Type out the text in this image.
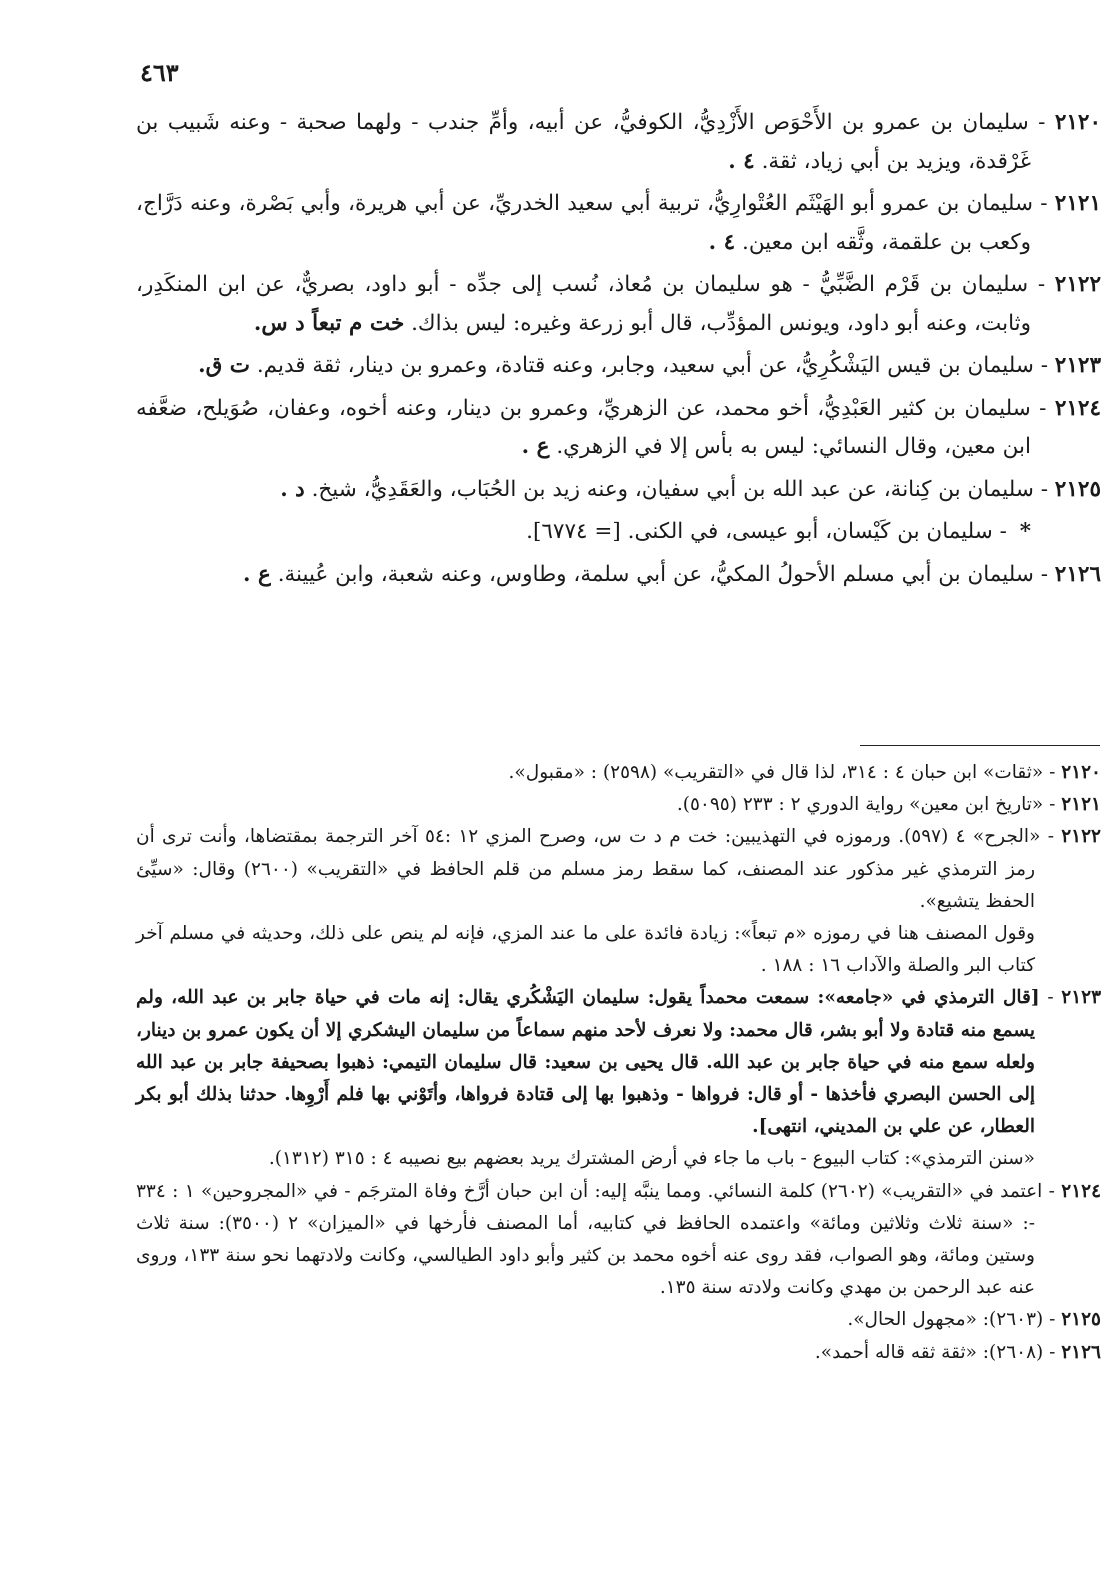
٤٦٣

٢١٢٠ - سليمان بن عمرو بن الأَحْوَص الأَزْدِيُّ، الكوفيُّ، عن أبيه، وأمِّ جندب - ولهما صحبة - وعنه شَبيب بن غَرْقدة، ويزيد بن أبي زياد، ثقة. ٤ .

٢١٢١ - سليمان بن عمرو أبو الهَيْثَم العُتْوارِيُّ، تربية أبي سعيد الخدريِّ، عن أبي هريرة، وأبي بَصْرة، وعنه دَرَّاج، وكعب بن علقمة، وثَّقه ابن معين. ٤ .

٢١٢٢ - سليمان بن قَرْم الضَّبِّيُّ - هو سليمان بن مُعاذ، نُسب إلى جدِّه - أبو داود، بصريٌّ، عن ابن المنكَدِر، وثابت، وعنه أبو داود، ويونس المؤدِّب، قال أبو زرعة وغيره: ليس بذاك. خت م تبعاً د س.

٢١٢٣ - سليمان بن قيس اليَشْكُرِيُّ، عن أبي سعيد، وجابر، وعنه قتادة، وعمرو بن دينار، ثقة قديم. ت ق.

٢١٢٤ - سليمان بن كثير العَبْدِيُّ، أخو محمد، عن الزهريِّ، وعمرو بن دينار، وعنه أخوه، وعفان، صُوَيلح، ضعَّفه ابن معين، وقال النسائي: ليس به بأس إلا في الزهري. ع .

٢١٢٥ - سليمان بن كِنانة، عن عبد الله بن أبي سفيان، وعنه زيد بن الحُبَاب، والعَقَدِيُّ، شيخ. د .

* - سليمان بن كَيْسان، أبو عيسى، في الكنى. [= ٦٧٧٤].

٢١٢٦ - سليمان بن أبي مسلم الأحولُ المكيُّ، عن أبي سلمة، وطاوس، وعنه شعبة، وابن عُيينة. ع .

٢١٢٠ - «ثقات» ابن حبان ٤ : ٣١٤، لذا قال في «التقريب» (٢٥٩٨) : «مقبول».

٢١٢١ - «تاريخ ابن معين» رواية الدوري ٢ : ٢٣٣ (٥٠٩٥).

٢١٢٢ - «الجرح» ٤ (٥٩٧). ورموزه في التهذيبين: خت م د ت س، وصرح المزي ١٢ :٥٤ آخر الترجمة بمقتضاها، وأنت ترى أن رمز الترمذي غير مذكور عند المصنف، كما سقط رمز مسلم من قلم الحافظ في «التقريب» (٢٦٠٠) وقال: «سيِّئ الحفظ يتشيع».
وقول المصنف هنا في رموزه «م تبعاً»: زيادة فائدة على ما عند المزي، فإنه لم ينص على ذلك، وحديثه في مسلم آخر كتاب البر والصلة والآداب ١٦ : ١٨٨ .

٢١٢٣ - [قال الترمذي في «جامعه»: سمعت محمداً يقول: سليمان اليَشْكُري يقال: إنه مات في حياة جابر بن عبد الله، ولم يسمع منه قتادة ولا أبو بشر، قال محمد: ولا نعرف لأحد منهم سماعاً من سليمان اليشكري إلا أن يكون عمرو بن دينار، ولعله سمع منه في حياة جابر بن عبد الله. قال يحيى بن سعيد: قال سليمان التيمي: ذهبوا بصحيفة جابر بن عبد الله إلى الحسن البصري فأخذها - أو قال: فرواها - وذهبوا بها إلى قتادة فرواها، وأتَوْني بها فلم أَرْوِها. حدثنا بذلك أبو بكر العطار، عن علي بن المديني، انتهى].
«سنن الترمذي»: كتاب البيوع - باب ما جاء في أرض المشترك يريد بعضهم بيع نصيبه ٤ : ٣١٥ (١٣١٢).

٢١٢٤ - اعتمد في «التقريب» (٢٦٠٢) كلمة النسائي. ومما ينبَّه إليه: أن ابن حبان أرَّخ وفاة المترجَم - في «المجروحين» ١ : ٣٣٤ -: «سنة ثلاث وثلاثين ومائة» واعتمده الحافظ في كتابيه، أما المصنف فأرخها في «الميزان» ٢ (٣٥٠٠): سنة ثلاث وستين ومائة، وهو الصواب، فقد روى عنه أخوه محمد بن كثير وأبو داود الطيالسي، وكانت ولادتهما نحو سنة ١٣٣، وروى عنه عبد الرحمن بن مهدي وكانت ولادته سنة ١٣٥.

٢١٢٥ - (٢٦٠٣): «مجهول الحال».

٢١٢٦ - (٢٦٠٨): «ثقة ثقه قاله أحمد».
